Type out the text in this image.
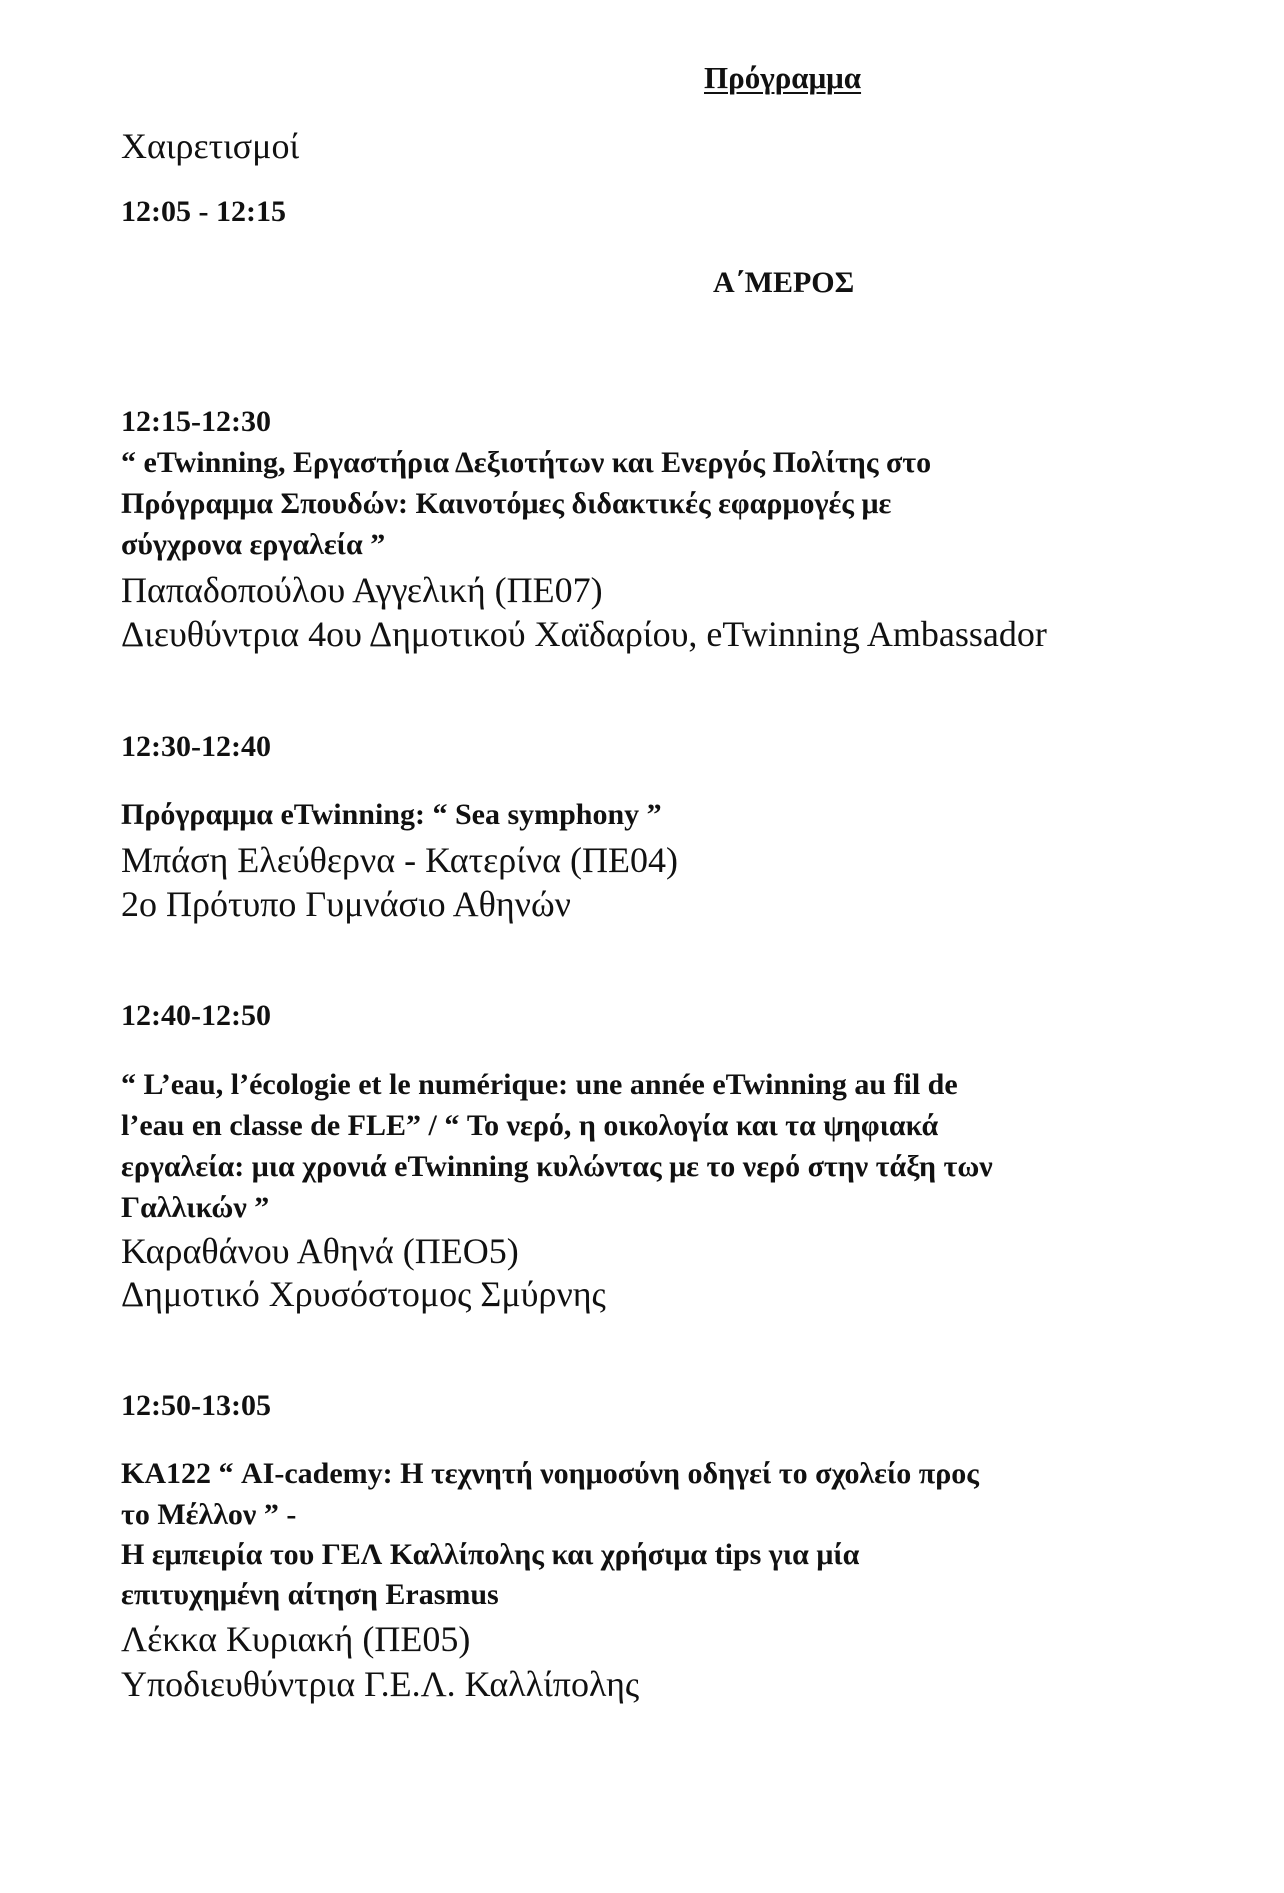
Πρόγραμμα
Χαιρετισμοί
12:05 - 12:15
Α΄ΜΕΡΟΣ
12:15-12:30
“ eTwinning, Εργαστήρια Δεξιοτήτων και Ενεργός Πολίτης στο
Πρόγραμμα Σπουδών: Καινοτόμες διδακτικές εφαρμογές με
σύγχρονα εργαλεία ”
Παπαδοπούλου Αγγελική (ΠΕ07)
Διευθύντρια 4ου Δημοτικού Χαϊδαρίου, eTwinning Ambassador
12:30-12:40
Πρόγραμμα eTwinning: “ Sea symphony ”
Μπάση Ελεύθερνα - Κατερίνα (ΠΕ04)
2ο Πρότυπο Γυμνάσιο Αθηνών
12:40-12:50
“ L’eau, l’écologie et le numérique: une année eTwinning au fil de
l’eau en classe de FLE” / “ Το νερό, η οικολογία και τα ψηφιακά
εργαλεία: μια χρονιά eTwinning κυλώντας με το νερό στην τάξη των
Γαλλικών ”
Καραθάνου Αθηνά (ΠΕΟ5)
Δημοτικό Χρυσόστομος Σμύρνης
12:50-13:05
ΚΑ122 “ AI-cademy: Η τεχνητή νοημοσύνη οδηγεί το σχολείο προς
το Μέλλον ” -
Η εμπειρία του ΓΕΛ Καλλίπολης και χρήσιμα tips για μία
επιτυχημένη αίτηση Erasmus
Λέκκα Κυριακή (ΠΕ05)
Υποδιευθύντρια Γ.Ε.Λ. Καλλίπολης
